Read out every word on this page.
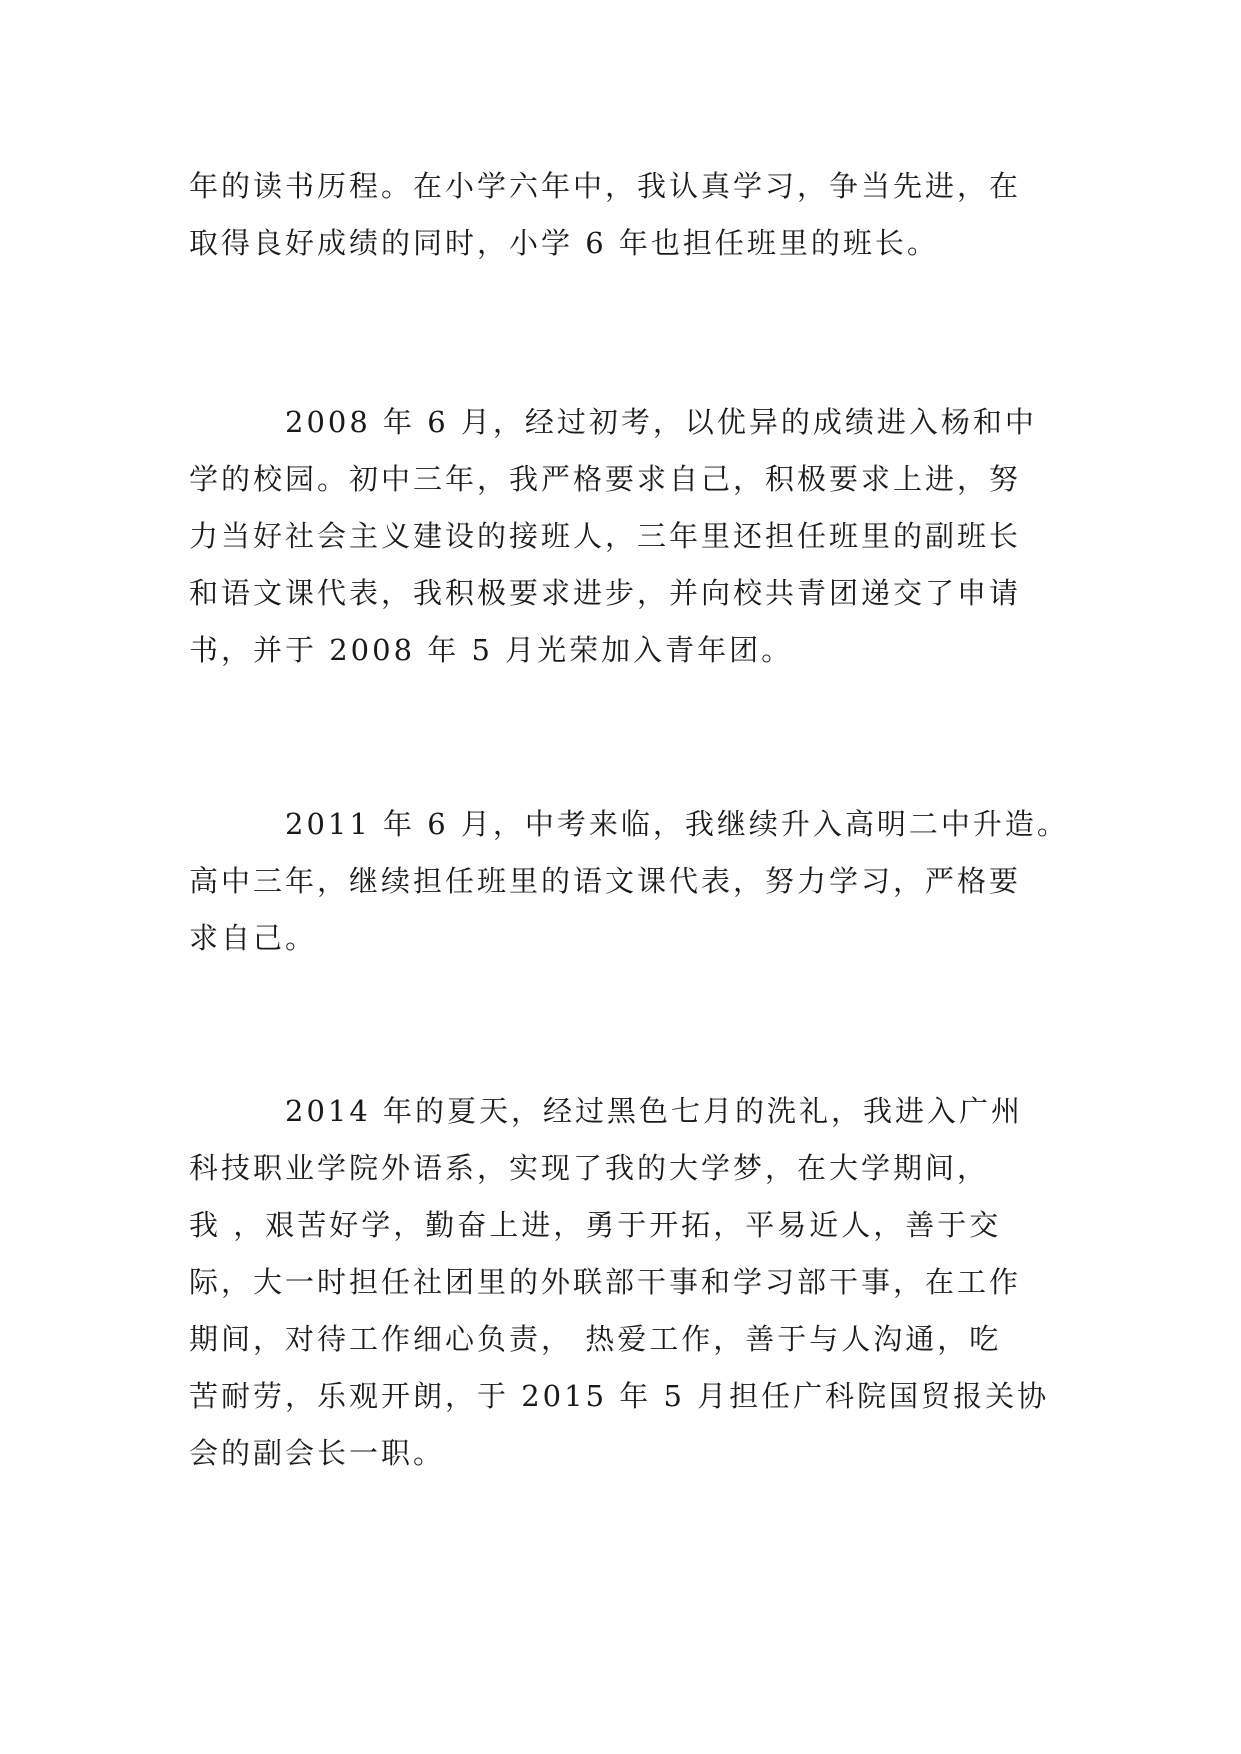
年的读书历程。在小学六年中，我认真学习，争当先进，在
取得良好成绩的同时，小学 6 年也担任班里的班长。
　　　2008 年 6 月，经过初考，以优异的成绩进入杨和中
学的校园。初中三年，我严格要求自己，积极要求上进，努
力当好社会主义建设的接班人，三年里还担任班里的副班长
和语文课代表，我积极要求进步，并向校共青团递交了申请
书，并于 2008 年 5 月光荣加入青年团。
　　　2011 年 6 月，中考来临，我继续升入高明二中升造。
高中三年，继续担任班里的语文课代表，努力学习，严格要
求自己。
　　　2014 年的夏天，经过黑色七月的洗礼，我进入广州
科技职业学院外语系，实现了我的大学梦，在大学期间，
我 ，艰苦好学，勤奋上进，勇于开拓，平易近人，善于交
际，大一时担任社团里的外联部干事和学习部干事，在工作
期间，对待工作细心负责， 热爱工作，善于与人沟通，吃
苦耐劳，乐观开朗，于 2015 年 5 月担任广科院国贸报关协
会的副会长一职。
